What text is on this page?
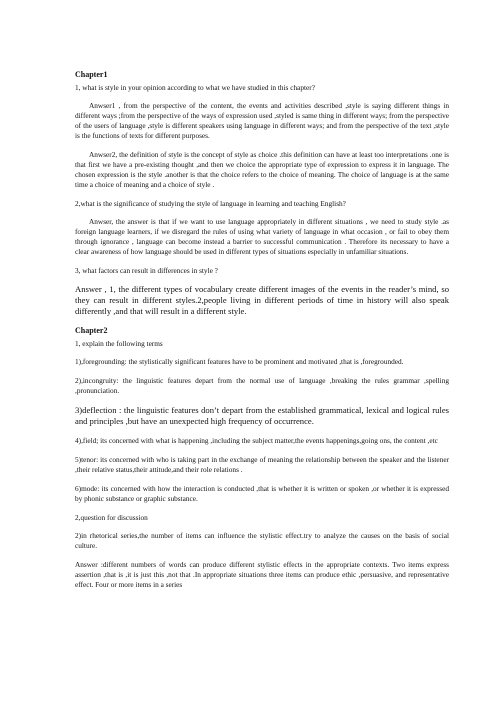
Chapter1
1, what is style in your opinion according to what we have studied in this chapter?
Anwser1 , from the perspective of the content, the events and activities described ,style is saying different things in different ways ;from the perspective of the ways of expression used ,styled is same thing in different ways; from the perspective of the users of language ,style is different speakers using language in different ways; and from the perspective of the text ,style is the functions of texts for different purposes.
Anwser2, the definition of style is the concept of style as choice .this definition can have at least too interpretations .one is that first we have a pre-existing thought ,and then we choice the appropriate type of expression to express it in language. The chosen expression is the style .another is that the choice refers to the choice of meaning. The choice of language is at the same time a choice of meaning and a choice of style .
2,what is the significance of studying the style of language in learning and teaching English?
Anwser, the answer is that if we want to use language appropriately in different situations , we need to study style .as foreign language learners, if we disregard the rules of using what variety of language in what occasion , or fail to obey them through ignorance , language can become instead a barrier to successful communication . Therefore its necessary to have a clear awareness of how language should be used in different types of situations especially in unfamiliar situations.
3, what factors can result in differences in style ?
Answer , 1, the different types of vocabulary create different images of the events in the reader’s mind, so they can result in different styles.2,people living in different periods of time in history will also speak differently ,and that will result in a different style.
Chapter2
1, explain the following terms
1),foregrounding: the stylistically significant features have to be prominent and motivated ,that is ,foregrounded.
2),incongruity: the linguistic features depart from the normal use of language ,breaking the rules grammar ,spelling ,pronunciation.
3)deflection : the linguistic features don’t depart from the established grammatical, lexical and logical rules and principles ,but have an unexpected high frequency of occurrence.
4),field; its concerned with what is happening ,including the subject matter,the events happenings,going ons, the content ,etc
5)tenor: its concerned with who is taking part in the exchange of meaning the relationship between the speaker and the listener ,their relative status,their attitude,and their role relations .
6)mode: its concerned with how the interaction is conducted ,that is whether it is written or spoken ,or whether it is expressed by phonic substance or graphic substance.
2,question for discussion
2)in rhetorical series,the number of items can influence the stylistic effect.try to analyze the causes on the basis of social culture.
Answer :different numbers of words can produce different stylistic effects in the appropriate contexts. Two items express assertion ,that is ,it is just this ,not that .In appropriate situations three items can produce ethic ,persuasive, and representative effect. Four or more items in a series
